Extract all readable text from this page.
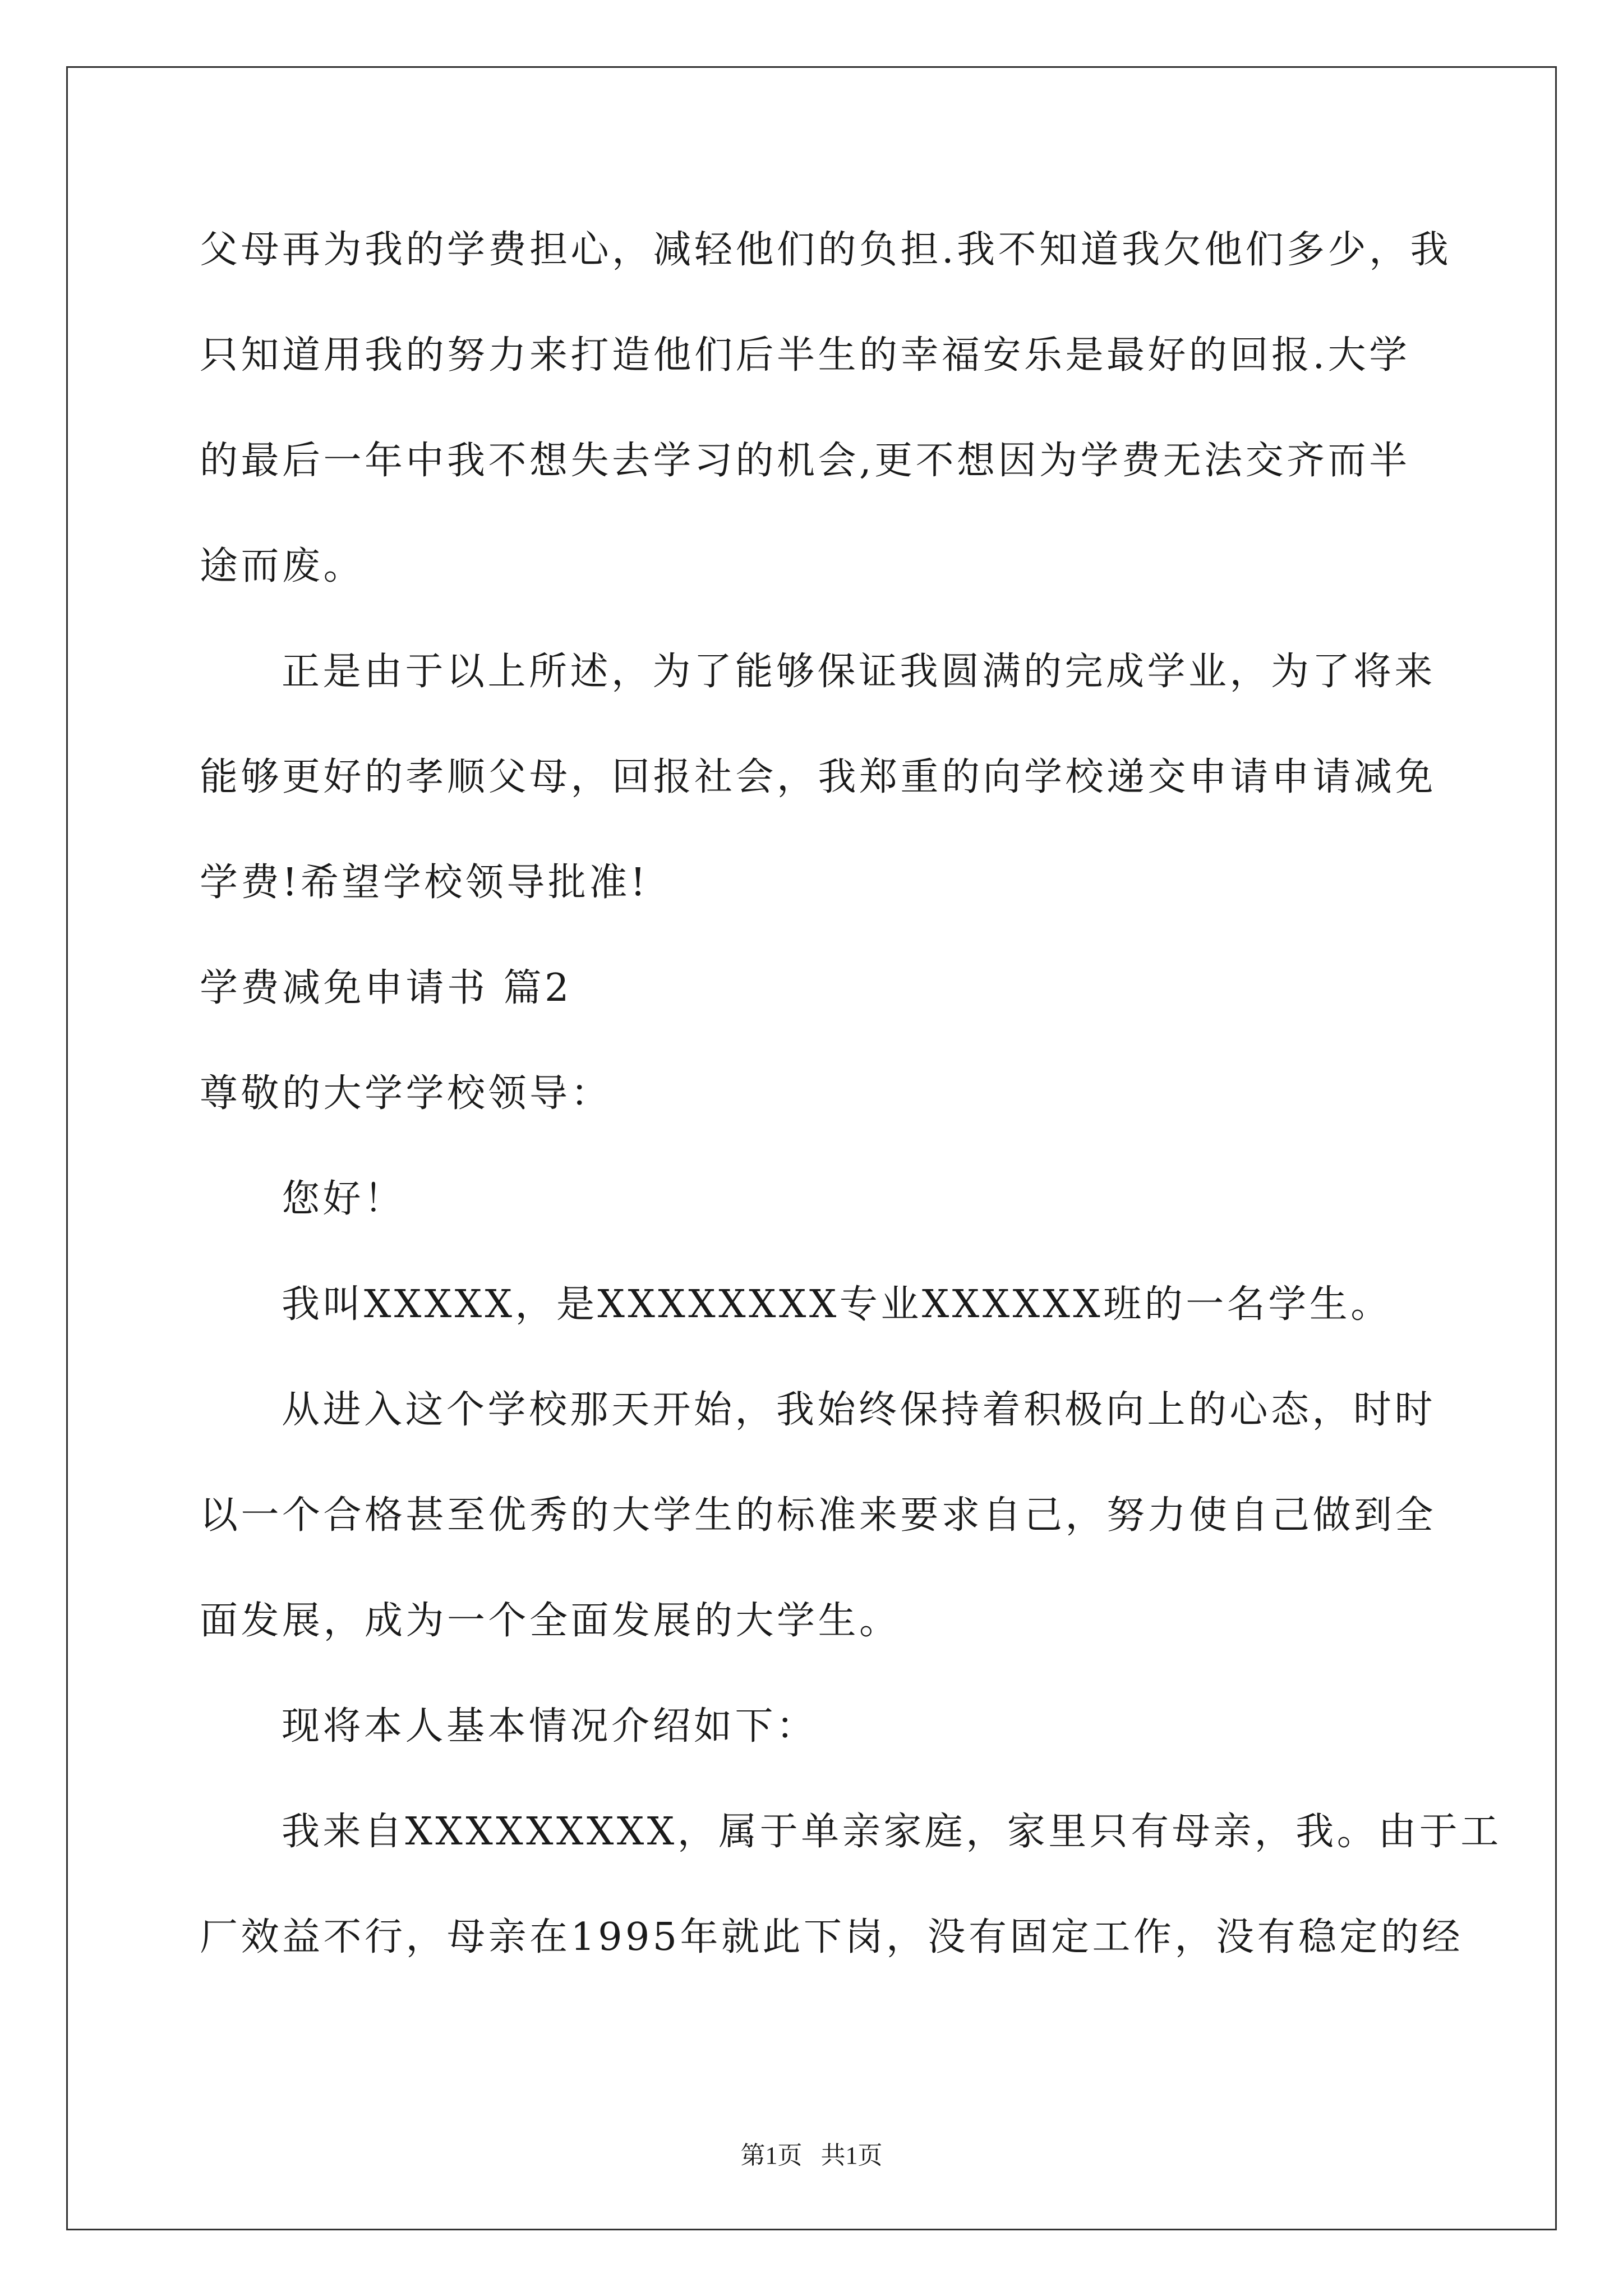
父母再为我的学费担心，减轻他们的负担.我不知道我欠他们多少，我
只知道用我的努力来打造他们后半生的幸福安乐是最好的回报.大学
的最后一年中我不想失去学习的机会,更不想因为学费无法交齐而半
途而废。
正是由于以上所述，为了能够保证我圆满的完成学业，为了将来
能够更好的孝顺父母，回报社会，我郑重的向学校递交申请申请减免
学费!希望学校领导批准!
学费减免申请书 篇2
尊敬的大学学校领导：
您好！
我叫XXXXX，是XXXXXXXX专业XXXXXX班的一名学生。
从进入这个学校那天开始，我始终保持着积极向上的心态，时时
以一个合格甚至优秀的大学生的标准来要求自己，努力使自己做到全
面发展，成为一个全面发展的大学生。
现将本人基本情况介绍如下：
我来自XXXXXXXXX，属于单亲家庭，家里只有母亲，我。由于工
厂效益不行，母亲在1995年就此下岗，没有固定工作，没有稳定的经
第1页   共1页
